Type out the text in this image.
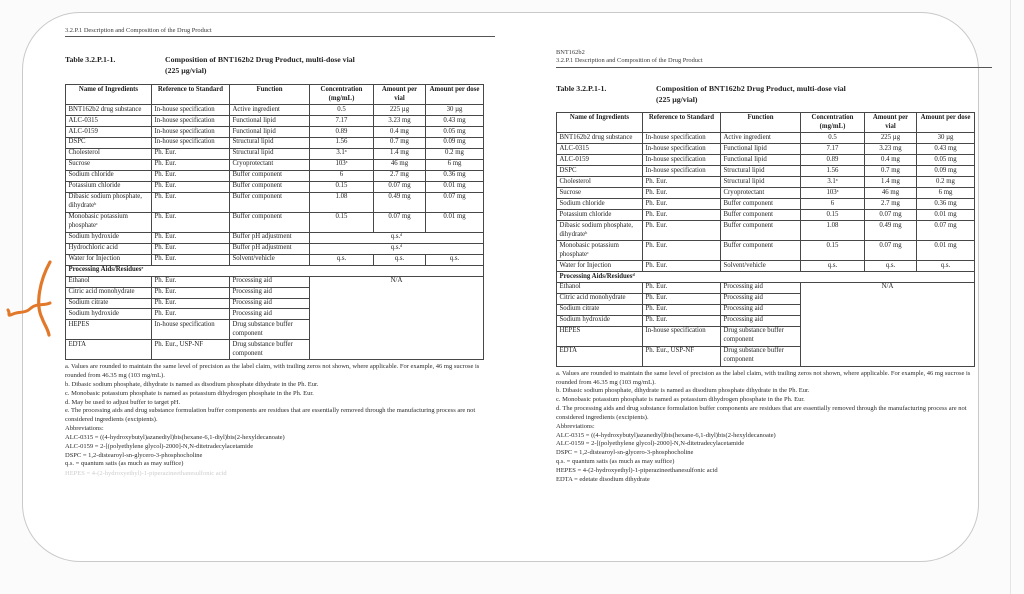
3.2.P.1 Description and Composition of the Drug Product
Table 3.2.P.1-1.	Composition of BNT162b2 Drug Product, multi-dose vial
(225 µg/vial)
Name of Ingredients	Reference to Standard	Function	Concentration (mg/mL)	Amount per vial	Amount per dose
BNT162b2 drug substance	In-house specification	Active ingredient	0.5	225 µg	30 µg
ALC-0315	In-house specification	Functional lipid	7.17	3.23 mg	0.43 mg
ALC-0159	In-house specification	Functional lipid	0.89	0.4 mg	0.05 mg
DSPC	In-house specification	Structural lipid	1.56	0.7 mg	0.09 mg
Cholesterol	Ph. Eur.	Structural lipid	3.1ᵃ	1.4 mg	0.2 mg
Sucrose	Ph. Eur.	Cryoprotectant	103ᵃ	46 mg	6 mg
Sodium chloride	Ph. Eur.	Buffer component	6	2.7 mg	0.36 mg
Potassium chloride	Ph. Eur.	Buffer component	0.15	0.07 mg	0.01 mg
Dibasic sodium phosphate, dihydrateᵇ	Ph. Eur.	Buffer component	1.08	0.49 mg	0.07 mg
Monobasic potassium phosphateᶜ	Ph. Eur.	Buffer component	0.15	0.07 mg	0.01 mg
Sodium hydroxide	Ph. Eur.	Buffer pH adjustment	q.s.ᵈ		
Hydrochloric acid	Ph. Eur.	Buffer pH adjustment	q.s.ᵈ		
Water for Injection	Ph. Eur.	Solvent/vehicle	q.s.	q.s.	q.s.
Processing Aids/Residuesᵉ					
Ethanol	Ph. Eur.	Processing aid	N/A		
Citric acid monohydrate	Ph. Eur.	Processing aid			
Sodium citrate	Ph. Eur.	Processing aid			
Sodium hydroxide	Ph. Eur.	Processing aid			
HEPES	In-house specification	Drug substance buffer component			
EDTA	Ph. Eur., USP-NF	Drug substance buffer component			
a. Values are rounded to maintain the same level of precision as the label claim, with trailing zeros not shown, where applicable. For example, 46 mg sucrose is rounded from 46.35 mg (103 mg/mL).
b. Dibasic sodium phosphate, dihydrate is named as disodium phosphate dihydrate in the Ph. Eur.
c. Monobasic potassium phosphate is named as potassium dihydrogen phosphate in the Ph. Eur.
d. May be used to adjust buffer to target pH.
e. The processing aids and drug substance formulation buffer components are residues that are essentially removed through the manufacturing process are not considered ingredients (excipients).
Abbreviations:
ALC-0315 = ((4-hydroxybutyl)azanediyl)bis(hexane-6,1-diyl)bis(2-hexyldecanoate)
ALC-0159 = 2-[(polyethylene glycol)-2000]-N,N-ditetradecylacetamide
DSPC = 1,2-distearoyl-sn-glycero-3-phosphocholine
q.s. = quantum satis (as much as may suffice)
HEPES = 4-(2-hydroxyethyl)-1-piperazineethanesulfonic acid
BNT162b2
3.2.P.1 Description and Composition of the Drug Product
Table 3.2.P.1-1.	Composition of BNT162b2 Drug Product, multi-dose vial
(225 µg/vial)
Name of Ingredients	Reference to Standard	Function	Concentration (mg/mL)	Amount per vial	Amount per dose
BNT162b2 drug substance	In-house specification	Active ingredient	0.5	225 µg	30 µg
ALC-0315	In-house specification	Functional lipid	7.17	3.23 mg	0.43 mg
ALC-0159	In-house specification	Functional lipid	0.89	0.4 mg	0.05 mg
DSPC	In-house specification	Structural lipid	1.56	0.7 mg	0.09 mg
Cholesterol	Ph. Eur.	Structural lipid	3.1ᵃ	1.4 mg	0.2 mg
Sucrose	Ph. Eur.	Cryoprotectant	103ᵃ	46 mg	6 mg
Sodium chloride	Ph. Eur.	Buffer component	6	2.7 mg	0.36 mg
Potassium chloride	Ph. Eur.	Buffer component	0.15	0.07 mg	0.01 mg
Dibasic sodium phosphate, dihydrateᵇ	Ph. Eur.	Buffer component	1.08	0.49 mg	0.07 mg
Monobasic potassium phosphateᶜ	Ph. Eur.	Buffer component	0.15	0.07 mg	0.01 mg
Water for Injection	Ph. Eur.	Solvent/vehicle	q.s.	q.s.	q.s.
Processing Aids/Residuesᵈ					
Ethanol	Ph. Eur.	Processing aid	N/A		
Citric acid monohydrate	Ph. Eur.	Processing aid			
Sodium citrate	Ph. Eur.	Processing aid			
Sodium hydroxide	Ph. Eur.	Processing aid			
HEPES	In-house specification	Drug substance buffer component			
EDTA	Ph. Eur., USP-NF	Drug substance buffer component			
a. Values are rounded to maintain the same level of precision as the label claim, with trailing zeros not shown, where applicable. For example, 46 mg sucrose is rounded from 46.35 mg (103 mg/mL).
b. Dibasic sodium phosphate, dihydrate is named as disodium phosphate dihydrate in the Ph. Eur.
c. Monobasic potassium phosphate is named as potassium dihydrogen phosphate in the Ph. Eur.
d. The processing aids and drug substance formulation buffer components are residues that are essentially removed through the manufacturing process are not considered ingredients (excipients).
Abbreviations:
ALC-0315 = ((4-hydroxybutyl)azanediyl)bis(hexane-6,1-diyl)bis(2-hexyldecanoate)
ALC-0159 = 2-[(polyethylene glycol)-2000]-N,N-ditetradecylacetamide
DSPC = 1,2-distearoyl-sn-glycero-3-phosphocholine
q.s. = quantum satis (as much as may suffice)
HEPES = 4-(2-hydroxyethyl)-1-piperazineethanesulfonic acid
EDTA = edetate disodium dihydrate
